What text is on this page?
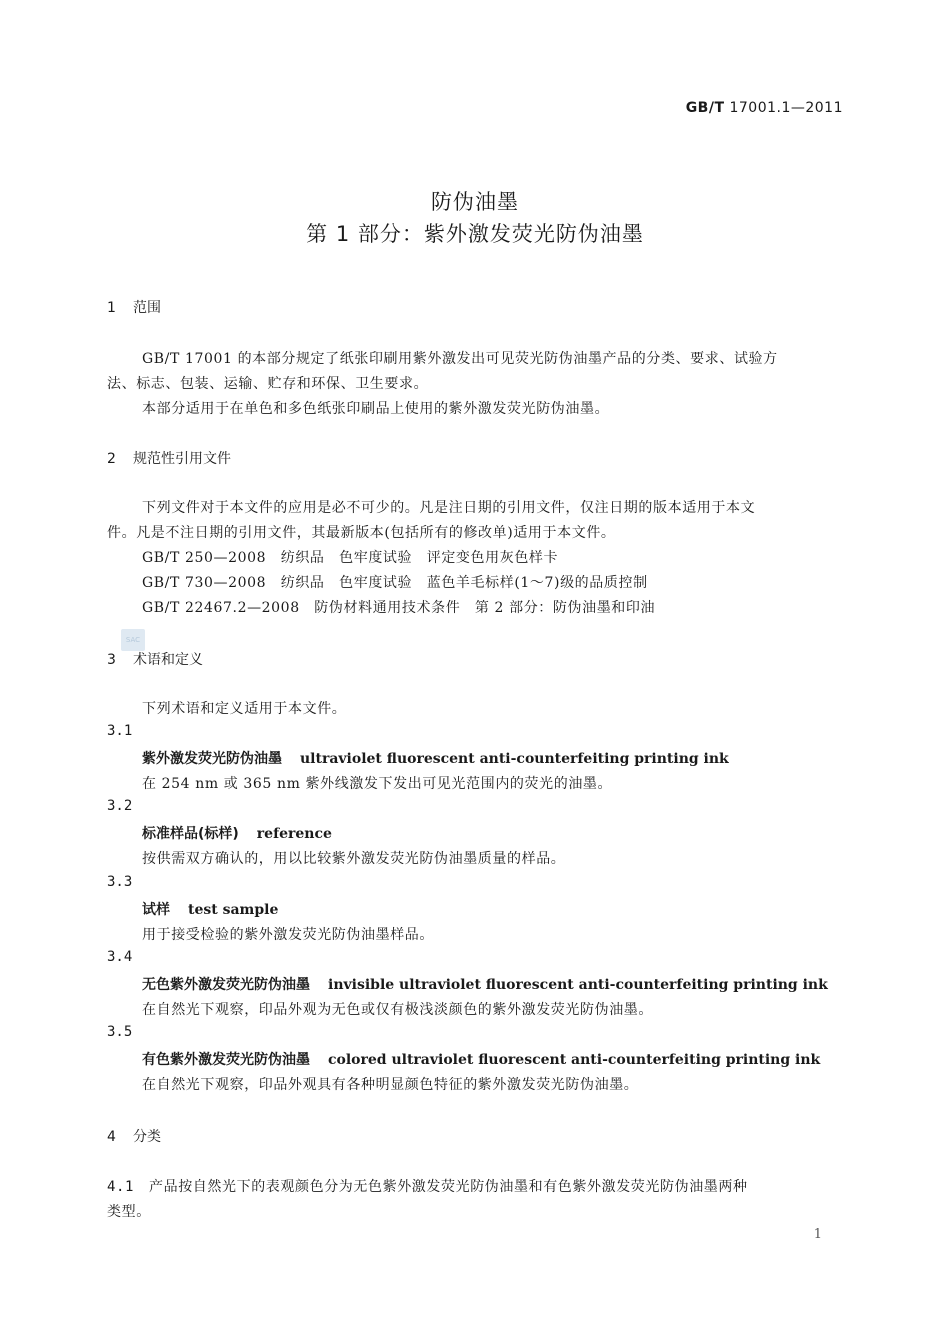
GB/T 17001.1—2011
防伪油墨
第 1 部分：紫外激发荧光防伪油墨
1 范围
GB/T 17001 的本部分规定了纸张印刷用紫外激发出可见荧光防伪油墨产品的分类、要求、试验方
法、标志、包装、运输、贮存和环保、卫生要求。
本部分适用于在单色和多色纸张印刷品上使用的紫外激发荧光防伪油墨。
2 规范性引用文件
下列文件对于本文件的应用是必不可少的。凡是注日期的引用文件，仅注日期的版本适用于本文
件。凡是不注日期的引用文件，其最新版本(包括所有的修改单)适用于本文件。
GB/T 250—2008　纺织品　色牢度试验　评定变色用灰色样卡
GB/T 730—2008　纺织品　色牢度试验　蓝色羊毛标样(1～7)级的品质控制
GB/T 22467.2—2008　防伪材料通用技术条件　第 2 部分：防伪油墨和印油
SAC
3 术语和定义
下列术语和定义适用于本文件。
3.1
紫外激发荧光防伪油墨 ultraviolet fluorescent anti-counterfeiting printing ink
在 254 nm 或 365 nm 紫外线激发下发出可见光范围内的荧光的油墨。
3.2
标准样品(标样) reference
按供需双方确认的，用以比较紫外激发荧光防伪油墨质量的样品。
3.3
试样 test sample
用于接受检验的紫外激发荧光防伪油墨样品。
3.4
无色紫外激发荧光防伪油墨 invisible ultraviolet fluorescent anti-counterfeiting printing ink
在自然光下观察，印品外观为无色或仅有极浅淡颜色的紫外激发荧光防伪油墨。
3.5
有色紫外激发荧光防伪油墨 colored ultraviolet fluorescent anti-counterfeiting printing ink
在自然光下观察，印品外观具有各种明显颜色特征的紫外激发荧光防伪油墨。
4 分类
4.1 产品按自然光下的表观颜色分为无色紫外激发荧光防伪油墨和有色紫外激发荧光防伪油墨两种
类型。
1
